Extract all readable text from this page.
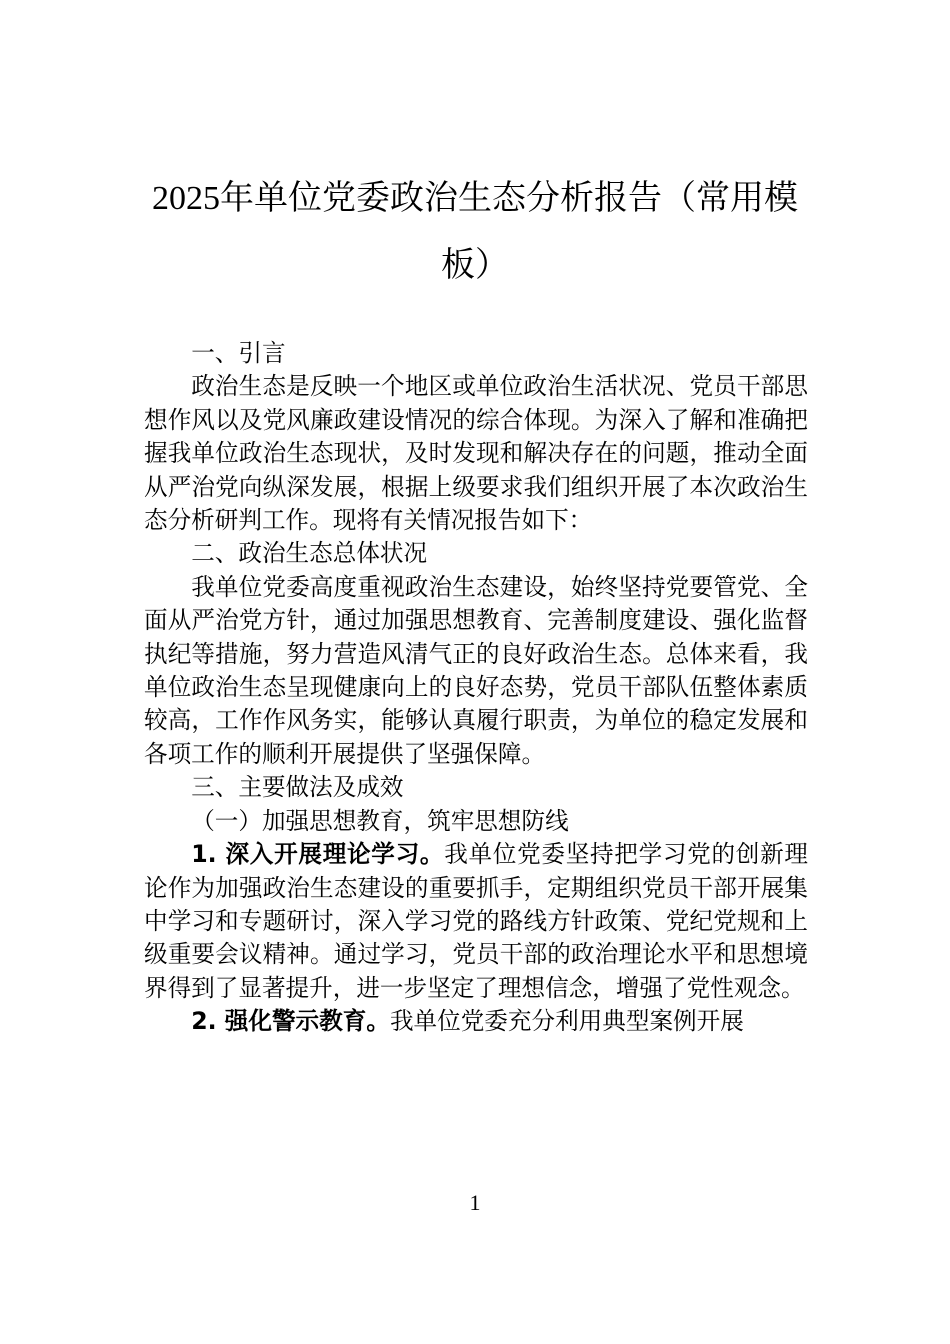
2025年单位党委政治生态分析报告（常用模板）

一、引言

政治生态是反映一个地区或单位政治生活状况、党员干部思想作风以及党风廉政建设情况的综合体现。为深入了解和准确把握我单位政治生态现状，及时发现和解决存在的问题，推动全面从严治党向纵深发展，根据上级要求我们组织开展了本次政治生态分析研判工作。现将有关情况报告如下：

二、政治生态总体状况

我单位党委高度重视政治生态建设，始终坚持党要管党、全面从严治党方针，通过加强思想教育、完善制度建设、强化监督执纪等措施，努力营造风清气正的良好政治生态。总体来看，我单位政治生态呈现健康向上的良好态势，党员干部队伍整体素质较高，工作作风务实，能够认真履行职责，为单位的稳定发展和各项工作的顺利开展提供了坚强保障。

三、主要做法及成效

（一）加强思想教育，筑牢思想防线

1. 深入开展理论学习。我单位党委坚持把学习党的创新理论作为加强政治生态建设的重要抓手，定期组织党员干部开展集中学习和专题研讨，深入学习党的路线方针政策、党纪党规和上级重要会议精神。通过学习，党员干部的政治理论水平和思想境界得到了显著提升，进一步坚定了理想信念，增强了党性观念。

2. 强化警示教育。我单位党委充分利用典型案例开展

1
